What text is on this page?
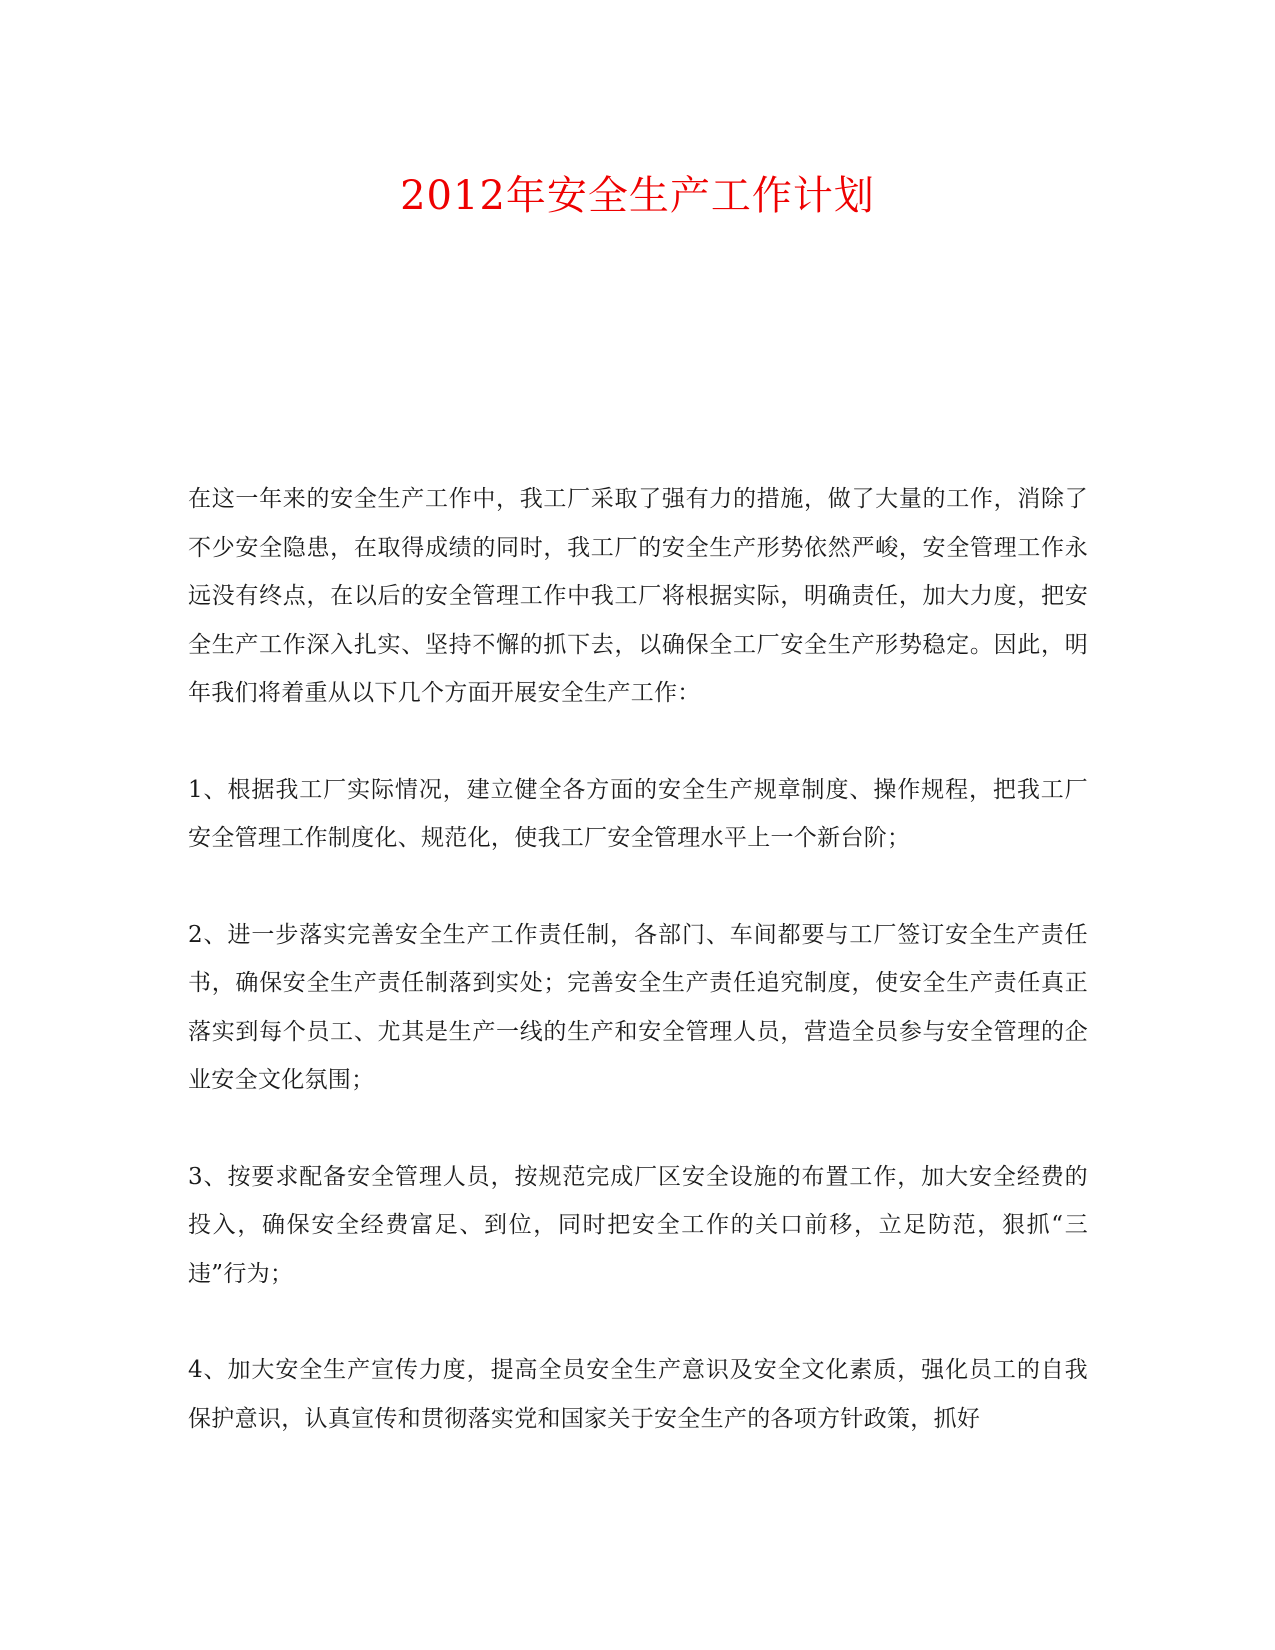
2012年安全生产工作计划

在这一年来的安全生产工作中，我工厂采取了强有力的措施，做了大量的工作，消除了不少安全隐患，在取得成绩的同时，我工厂的安全生产形势依然严峻，安全管理工作永远没有终点，在以后的安全管理工作中我工厂将根据实际，明确责任，加大力度，把安全生产工作深入扎实、坚持不懈的抓下去，以确保全工厂安全生产形势稳定。因此，明年我们将着重从以下几个方面开展安全生产工作：

1、根据我工厂实际情况，建立健全各方面的安全生产规章制度、操作规程，把我工厂安全管理工作制度化、规范化，使我工厂安全管理水平上一个新台阶；

2、进一步落实完善安全生产工作责任制，各部门、车间都要与工厂签订安全生产责任书，确保安全生产责任制落到实处；完善安全生产责任追究制度，使安全生产责任真正落实到每个员工、尤其是生产一线的生产和安全管理人员，营造全员参与安全管理的企业安全文化氛围；

3、按要求配备安全管理人员，按规范完成厂区安全设施的布置工作，加大安全经费的投入，确保安全经费富足、到位，同时把安全工作的关口前移，立足防范，狠抓“三违”行为；

4、加大安全生产宣传力度，提高全员安全生产意识及安全文化素质，强化员工的自我保护意识，认真宣传和贯彻落实党和国家关于安全生产的各项方针政策，抓好
